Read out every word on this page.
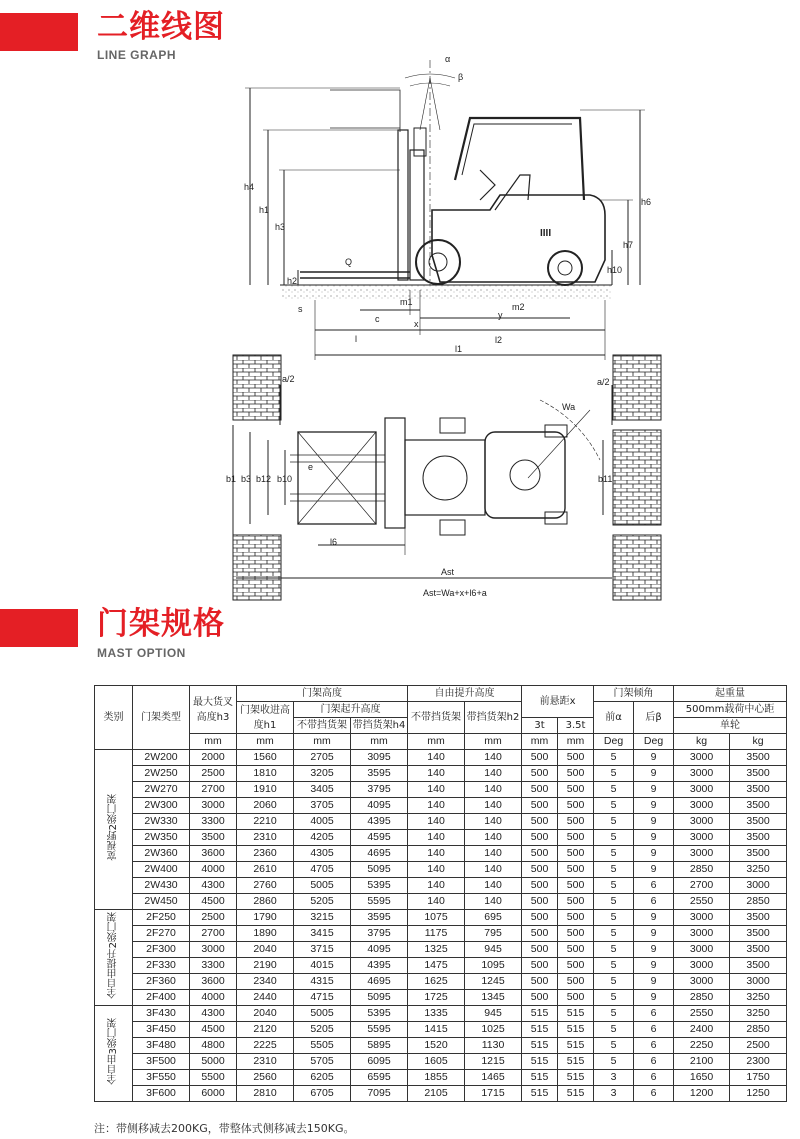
二维线图
LINE GRAPH
IIII
α
β
h4
h1
h3
h6
h7
h10
h2
Q
s
m1	m2
x
y
c
l	l2
l1
a/2	a/2
Wa
b1 b3 b12 b10
e
l6
b11
Ast
Ast=Wa+x+l6+a
门架规格
MAST OPTION
类别	门架类型	最大货叉高度h3	门架高度			自由提升高度		前悬距x		门架倾角		起重量	
			门架收进高度h1	门架起升高度		不带挡货架	带挡货架h2			前α	后β	500mm载荷中心距	
				不带挡货架	带挡货架h4			3t	3.5t			单轮	
		mm	mm	mm	mm	mm	mm	mm	mm	Deg	Deg	kg	kg
宽视野2级门架	2W200	2000	1560	2705	3095	140	140	500	500	5	9	3000	3500
	2W250	2500	1810	3205	3595	140	140	500	500	5	9	3000	3500
	2W270	2700	1910	3405	3795	140	140	500	500	5	9	3000	3500
	2W300	3000	2060	3705	4095	140	140	500	500	5	9	3000	3500
	2W330	3300	2210	4005	4395	140	140	500	500	5	9	3000	3500
	2W350	3500	2310	4205	4595	140	140	500	500	5	9	3000	3500
	2W360	3600	2360	4305	4695	140	140	500	500	5	9	3000	3500
	2W400	4000	2610	4705	5095	140	140	500	500	5	9	2850	3250
	2W430	4300	2760	5005	5395	140	140	500	500	5	6	2700	3000
	2W450	4500	2860	5205	5595	140	140	500	500	5	6	2550	2850
全自由提升2级门架	2F250	2500	1790	3215	3595	1075	695	500	500	5	9	3000	3500
	2F270	2700	1890	3415	3795	1175	795	500	500	5	9	3000	3500
	2F300	3000	2040	3715	4095	1325	945	500	500	5	9	3000	3500
	2F330	3300	2190	4015	4395	1475	1095	500	500	5	9	3000	3500
	2F360	3600	2340	4315	4695	1625	1245	500	500	5	9	3000	3000
	2F400	4000	2440	4715	5095	1725	1345	500	500	5	9	2850	3250
全自由3级门架	3F430	4300	2040	5005	5395	1335	945	515	515	5	6	2550	3250
	3F450	4500	2120	5205	5595	1415	1025	515	515	5	6	2400	2850
	3F480	4800	2225	5505	5895	1520	1130	515	515	5	6	2250	2500
	3F500	5000	2310	5705	6095	1605	1215	515	515	5	6	2100	2300
	3F550	5500	2560	6205	6595	1855	1465	515	515	3	6	1650	1750
	3F600	6000	2810	6705	7095	2105	1715	515	515	3	6	1200	1250
注：带侧移减去200KG，带整体式侧移减去150KG。
